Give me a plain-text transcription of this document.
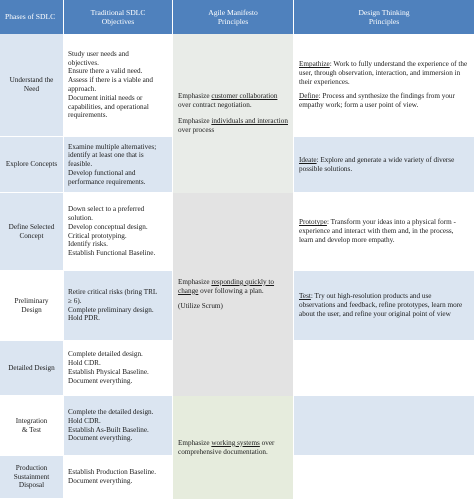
Phases of SDLC
Traditional SDLC
Objectives
Agile Manifesto
Principles
Design Thinking
Principles
Understand the
Need
Explore Concepts
Define Selected
Concept
Preliminary
Design
Detailed Design
Integration
& Test
Production
Sustainment
Disposal
Study user needs and
objectives.
Ensure there a valid need.
Assess if there is a viable and
approach.
Document initial needs or
capabilities, and operational
requirements.
Examine multiple alternatives;
identify at least one that is
feasible.
Develop functional and
performance requirements.
Down select to a preferred
solution.
Develop conceptual design.
Critical prototyping.
Identify risks.
Establish Functional Baseline.
Retire critical risks (bring TRL
≥ 6).
Complete preliminary design.
Hold PDR.
Complete detailed design.
Hold CDR.
Establish Physical Baseline.
Document everything.
Complete the detailed design.
Hold CDR.
Establish As-Built Baseline.
Document everything.
Establish Production Baseline.
Document everything.

Emphasize customer collaboration over contract negotiation.

Emphasize individuals and interaction over process

Emphasize responding quickly to change over following a plan.

(Utilize Scrum)

Emphasize working systems over comprehensive documentation.

Empathize: Work to fully understand the experience of the user, through observation, interaction, and immersion in their experiences.

Define: Process and synthesize the findings from your empathy work; form a user point of view.

Ideate: Explore and generate a wide variety of diverse possible solutions.

Prototype: Transform your ideas into a physical form - experience and interact with them and, in the process, learn and develop more empathy.

Test: Try out high-resolution products and use observations and feedback, refine prototypes, learn more about the user, and refine your original point of view
